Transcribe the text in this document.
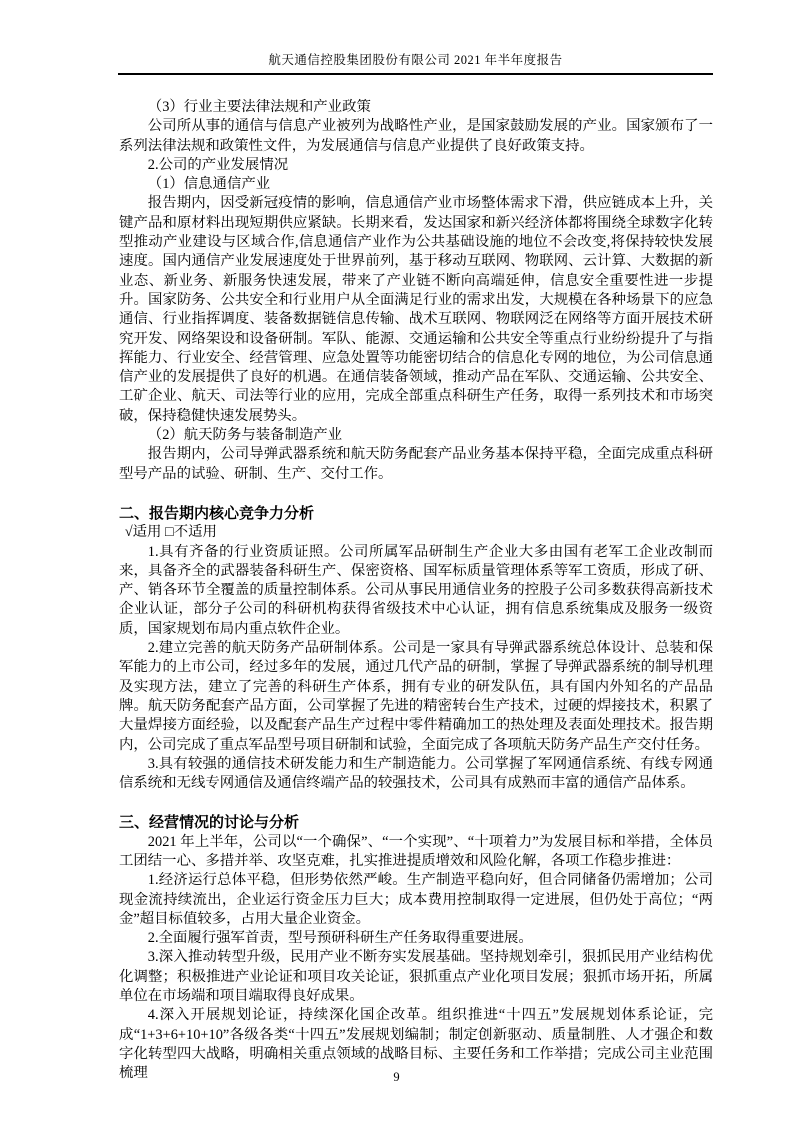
航天通信控股集团股份有限公司 2021 年半年度报告

（3）行业主要法律法规和产业政策

公司所从事的通信与信息产业被列为战略性产业，是国家鼓励发展的产业。国家颁布了一系列法律法规和政策性文件，为发展通信与信息产业提供了良好政策支持。

2.公司的产业发展情况

（1）信息通信产业

报告期内，因受新冠疫情的影响，信息通信产业市场整体需求下滑，供应链成本上升，关键产品和原材料出现短期供应紧缺。长期来看，发达国家和新兴经济体都将围绕全球数字化转型推动产业建设与区域合作,信息通信产业作为公共基础设施的地位不会改变,将保持较快发展速度。国内通信产业发展速度处于世界前列，基于移动互联网、物联网、云计算、大数据的新业态、新业务、新服务快速发展，带来了产业链不断向高端延伸，信息安全重要性进一步提升。国家防务、公共安全和行业用户从全面满足行业的需求出发，大规模在各种场景下的应急通信、行业指挥调度、装备数据链信息传输、战术互联网、物联网泛在网络等方面开展技术研究开发、网络架设和设备研制。军队、能源、交通运输和公共安全等重点行业纷纷提升了与指挥能力、行业安全、经营管理、应急处置等功能密切结合的信息化专网的地位，为公司信息通信产业的发展提供了良好的机遇。在通信装备领域，推动产品在军队、交通运输、公共安全、工矿企业、航天、司法等行业的应用，完成全部重点科研生产任务，取得一系列技术和市场突破，保持稳健快速发展势头。

（2）航天防务与装备制造产业

报告期内，公司导弹武器系统和航天防务配套产品业务基本保持平稳，全面完成重点科研型号产品的试验、研制、生产、交付工作。

二、报告期内核心竞争力分析

√适用 □不适用

1.具有齐备的行业资质证照。公司所属军品研制生产企业大多由国有老军工企业改制而来，具备齐全的武器装备科研生产、保密资格、国军标质量管理体系等军工资质，形成了研、产、销各环节全覆盖的质量控制体系。公司从事民用通信业务的控股子公司多数获得高新技术企业认证，部分子公司的科研机构获得省级技术中心认证，拥有信息系统集成及服务一级资质，国家规划布局内重点软件企业。

2.建立完善的航天防务产品研制体系。公司是一家具有导弹武器系统总体设计、总装和保军能力的上市公司，经过多年的发展，通过几代产品的研制，掌握了导弹武器系统的制导机理及实现方法，建立了完善的科研生产体系，拥有专业的研发队伍，具有国内外知名的产品品牌。航天防务配套产品方面，公司掌握了先进的精密转台生产技术，过硬的焊接技术，积累了大量焊接方面经验，以及配套产品生产过程中零件精确加工的热处理及表面处理技术。报告期内，公司完成了重点军品型号项目研制和试验，全面完成了各项航天防务产品生产交付任务。

3.具有较强的通信技术研发能力和生产制造能力。公司掌握了军网通信系统、有线专网通信系统和无线专网通信及通信终端产品的较强技术，公司具有成熟而丰富的通信产品体系。

三、经营情况的讨论与分析

2021 年上半年，公司以“一个确保”、“一个实现”、“十项着力”为发展目标和举措，全体员工团结一心、多措并举、攻坚克难，扎实推进提质增效和风险化解，各项工作稳步推进：

1.经济运行总体平稳，但形势依然严峻。生产制造平稳向好，但合同储备仍需增加；公司现金流持续流出，企业运行资金压力巨大；成本费用控制取得一定进展，但仍处于高位；“两金”超目标值较多，占用大量企业资金。

2.全面履行强军首责，型号预研科研生产任务取得重要进展。

3.深入推动转型升级，民用产业不断夯实发展基础。坚持规划牵引，狠抓民用产业结构优化调整；积极推进产业论证和项目攻关论证，狠抓重点产业化项目发展；狠抓市场开拓，所属单位在市场端和项目端取得良好成果。

4.深入开展规划论证，持续深化国企改革。组织推进“十四五”发展规划体系论证，完成“1+3+6+10+10”各级各类“十四五”发展规划编制；制定创新驱动、质量制胜、人才强企和数字化转型四大战略，明确相关重点领域的战略目标、主要任务和工作举措；完成公司主业范围梳理	9
